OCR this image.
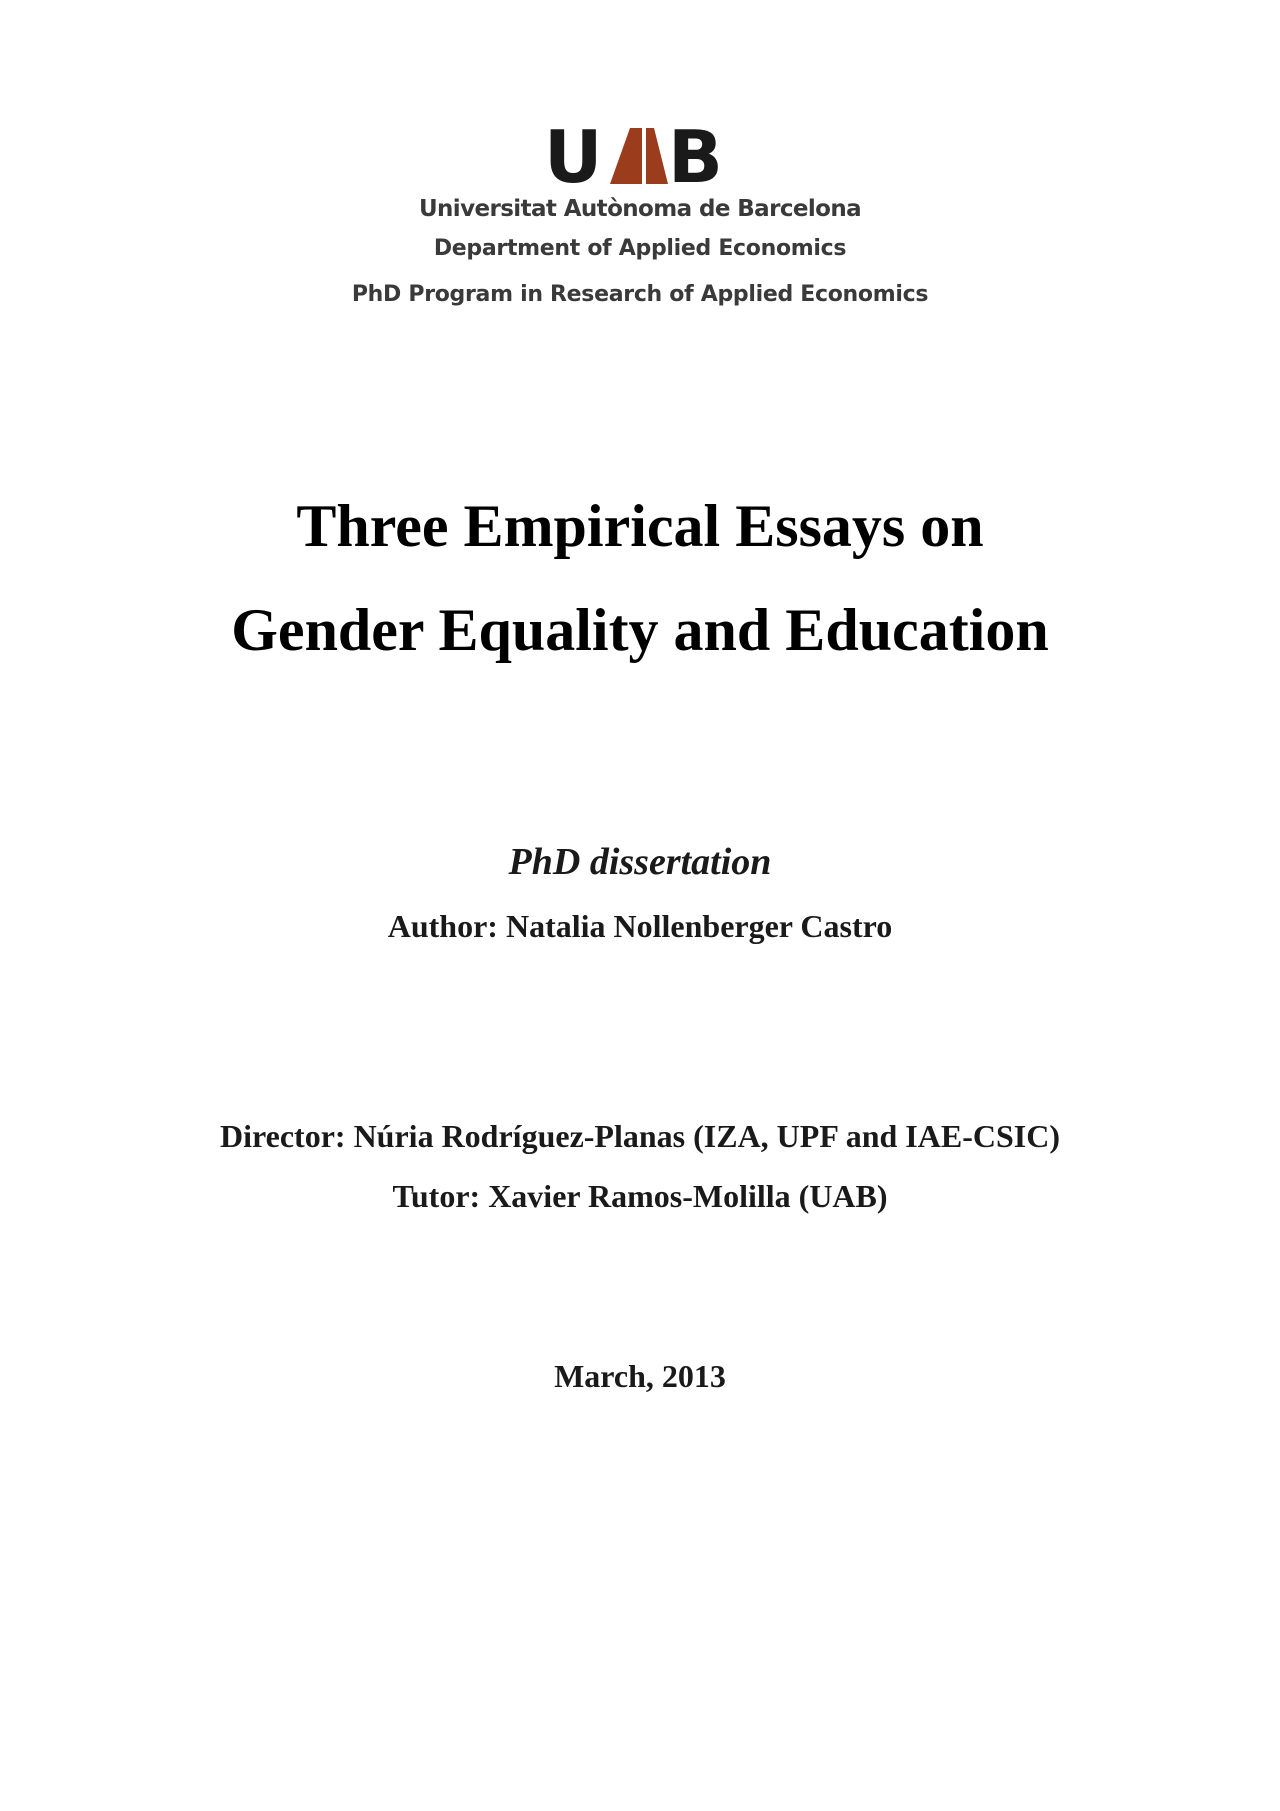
U B
Universitat Autònoma de Barcelona
Department of Applied Economics
PhD Program in Research of Applied Economics
Three Empirical Essays on
Gender Equality and Education
PhD dissertation
Author: Natalia Nollenberger Castro
Director: Núria Rodríguez-Planas (IZA, UPF and IAE-CSIC)
Tutor: Xavier Ramos-Molilla (UAB)
March, 2013
